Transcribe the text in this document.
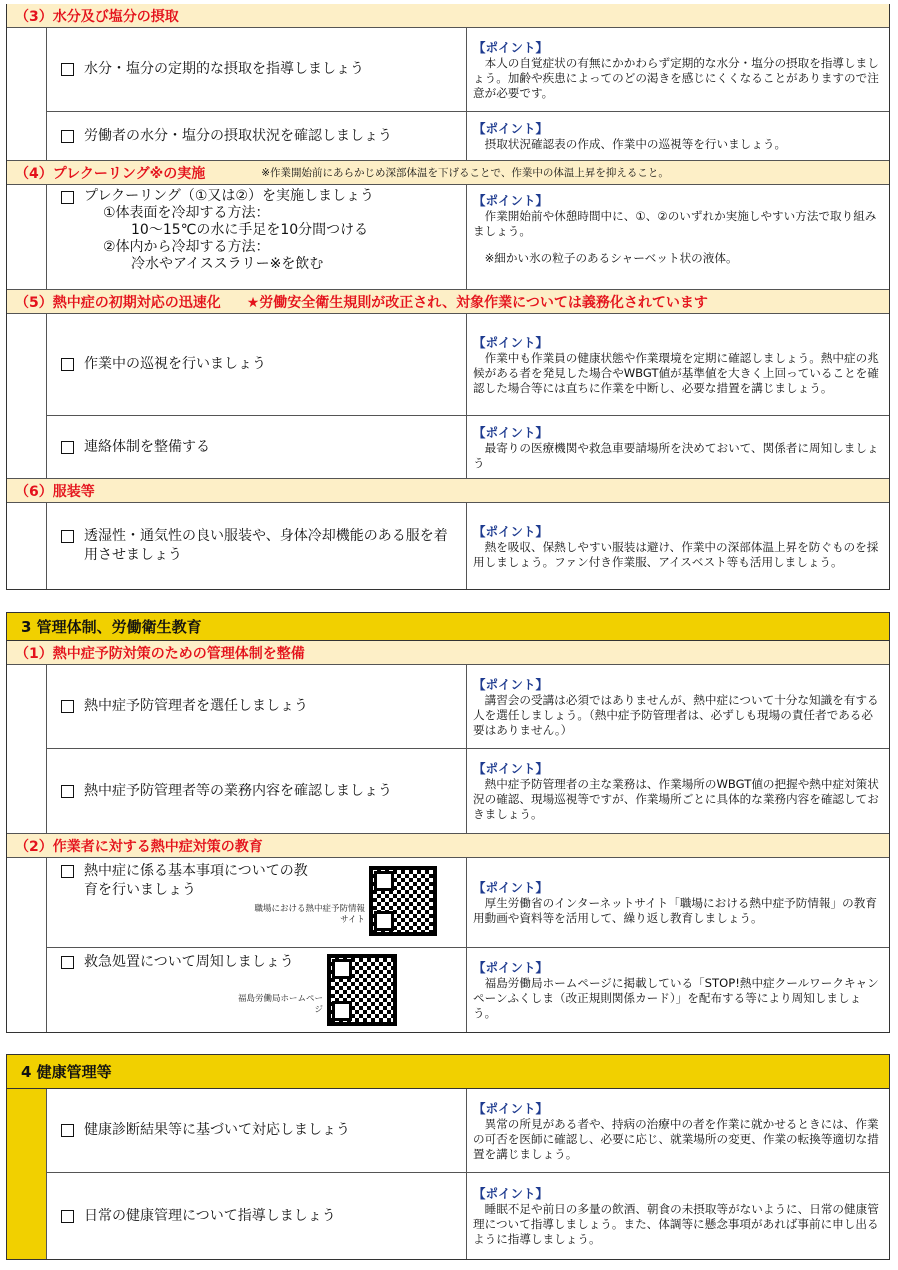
（3）水分及び塩分の摂取
水分・塩分の定期的な摂取を指導しましょう
【ポイント】
本人の自覚症状の有無にかかわらず定期的な水分・塩分の摂取を指導しましょう。加齢や疾患によってのどの渇きを感じにくくなることがありますので注意が必要です。
労働者の水分・塩分の摂取状況を確認しましょう	【ポイント】
摂取状況確認表の作成、作業中の巡視等を行いましょう。
（4）プレクーリング※の実施	※作業開始前にあらかじめ深部体温を下げることで、作業中の体温上昇を抑えること。
プレクーリング（①又は②）を実施しましょう
①体表面を冷却する方法：
10～15℃の水に手足を10分間つける
②体内から冷却する方法：
冷水やアイススラリー※を飲む
【ポイント】
作業開始前や休憩時間中に、①、②のいずれか実施しやすい方法で取り組みましょう。
※細かい氷の粒子のあるシャーベット状の液体。
（5）熱中症の初期対応の迅速化 ★労働安全衛生規則が改正され、対象作業については義務化されています
作業中の巡視を行いましょう
【ポイント】
作業中も作業員の健康状態や作業環境を定期に確認しましょう。熱中症の兆候がある者を発見した場合やWBGT値が基準値を大きく上回っていることを確認した場合等には直ちに作業を中断し、必要な措置を講じましょう。
連絡体制を整備する
【ポイント】
最寄りの医療機関や救急車要請場所を決めておいて、関係者に周知しましょう
（6）服装等
透湿性・通気性の良い服装や、身体冷却機能のある服を着用させましょう
【ポイント】
熱を吸収、保熱しやすい服装は避け、作業中の深部体温上昇を防ぐものを採用しましょう。ファン付き作業服、アイスベスト等も活用しましょう。
3 管理体制、労働衛生教育
（1）熱中症予防対策のための管理体制を整備
熱中症予防管理者を選任しましょう
【ポイント】
講習会の受講は必須ではありませんが、熱中症について十分な知識を有する人を選任しましょう。（熱中症予防管理者は、必ずしも現場の責任者である必要はありません。）
熱中症予防管理者等の業務内容を確認しましょう
【ポイント】
熱中症予防管理者の主な業務は、作業場所のWBGT値の把握や熱中症対策状況の確認、現場巡視等ですが、作業場所ごとに具体的な業務内容を確認しておきましょう。
（2）作業者に対する熱中症対策の教育
熱中症に係る基本事項についての教育を行いましょう
職場における熱中症予防情報サイト
【ポイント】
厚生労働省のインターネットサイト「職場における熱中症予防情報」の教育用動画や資料等を活用して、繰り返し教育しましょう。
救急処置について周知しましょう
福島労働局ホームページ
【ポイント】
福島労働局ホームページに掲載している「STOP!熱中症クールワークキャンペーンふくしま（改正規則関係カード）」を配布する等により周知しましょう。
4 健康管理等
健康診断結果等に基づいて対応しましょう
【ポイント】
異常の所見がある者や、持病の治療中の者を作業に就かせるときには、作業の可否を医師に確認し、必要に応じ、就業場所の変更、作業の転換等適切な措置を講じましょう。
日常の健康管理について指導しましょう
【ポイント】
睡眠不足や前日の多量の飲酒、朝食の未摂取等がないように、日常の健康管理について指導しましょう。また、体調等に懸念事項があれば事前に申し出るように指導しましょう。
